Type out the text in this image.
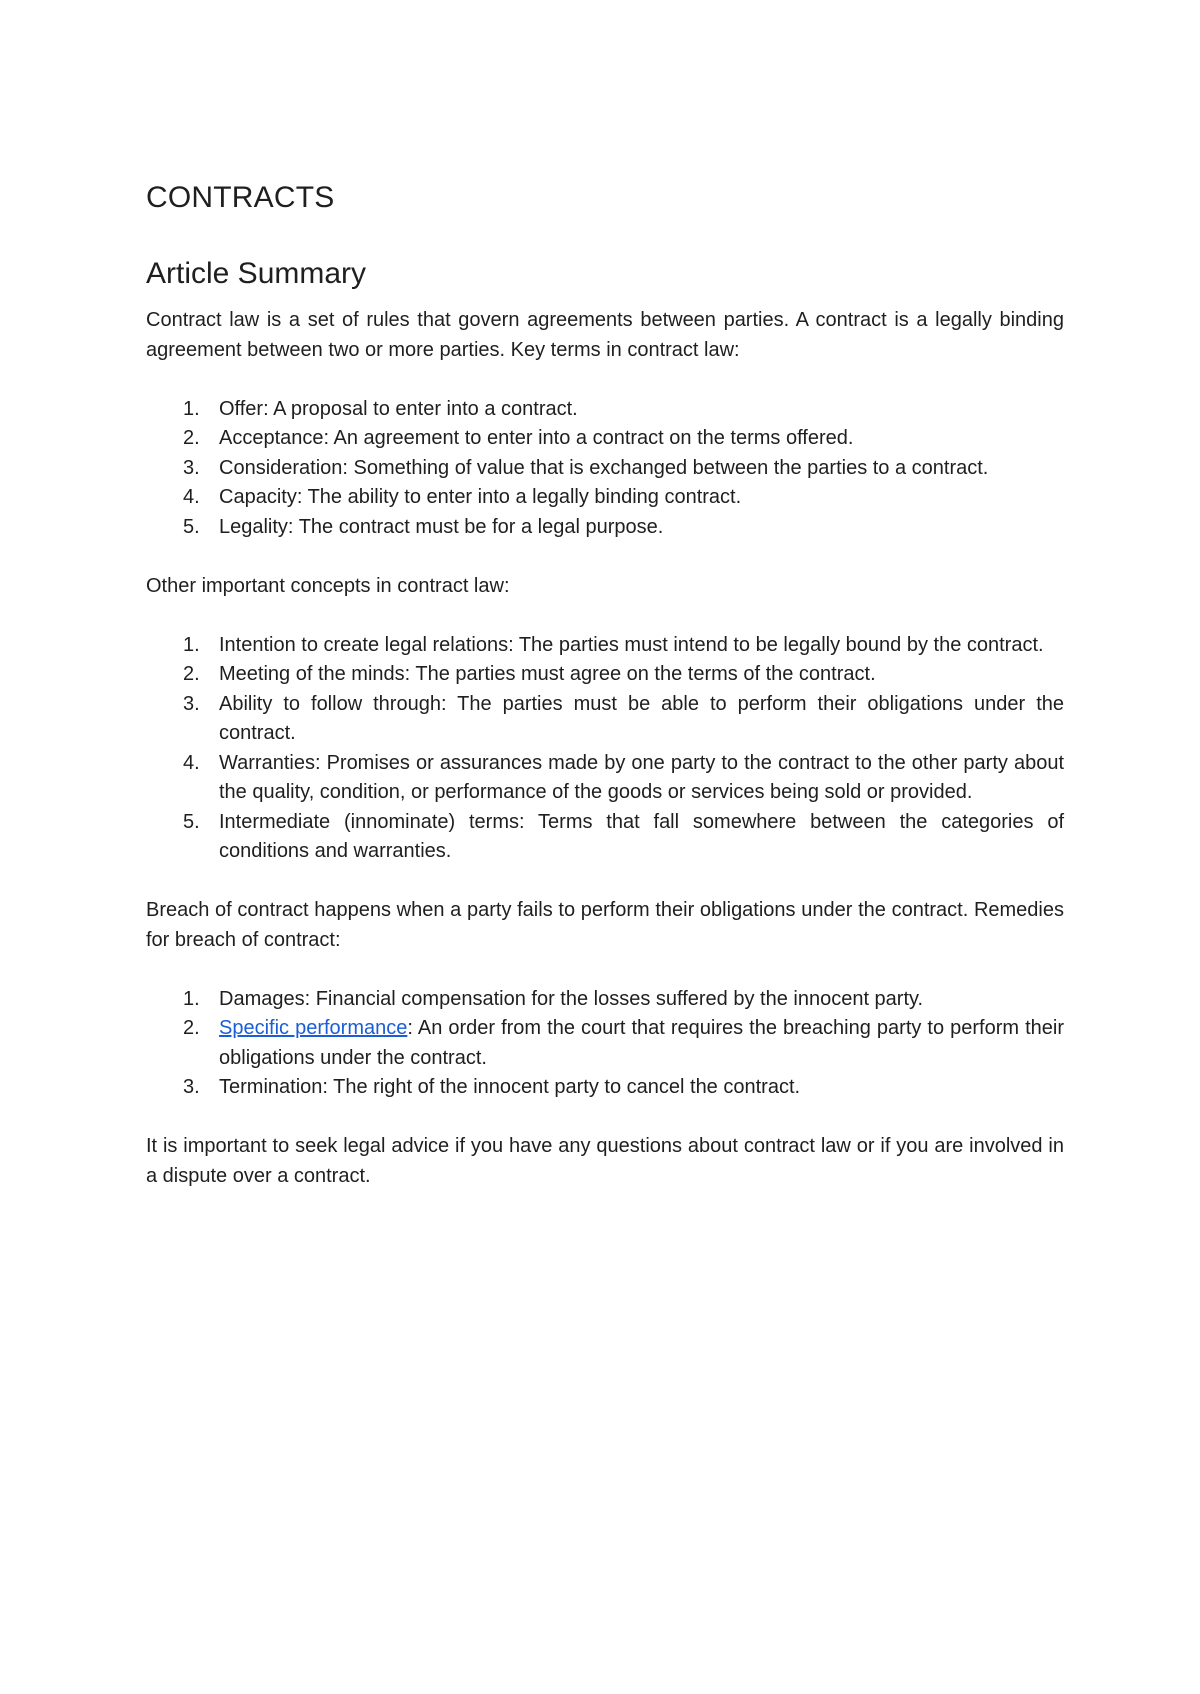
CONTRACTS
Article Summary

Contract law is a set of rules that govern agreements between parties. A contract is a legally binding agreement between two or more parties. Key terms in contract law:

1. Offer: A proposal to enter into a contract.
2. Acceptance: An agreement to enter into a contract on the terms offered.
3. Consideration: Something of value that is exchanged between the parties to a contract.
4. Capacity: The ability to enter into a legally binding contract.
5. Legality: The contract must be for a legal purpose.

Other important concepts in contract law:

1. Intention to create legal relations: The parties must intend to be legally bound by the contract.
2. Meeting of the minds: The parties must agree on the terms of the contract.
3. Ability to follow through: The parties must be able to perform their obligations under the contract.
4. Warranties: Promises or assurances made by one party to the contract to the other party about the quality, condition, or performance of the goods or services being sold or provided.
5. Intermediate (innominate) terms: Terms that fall somewhere between the categories of conditions and warranties.

Breach of contract happens when a party fails to perform their obligations under the contract. Remedies for breach of contract:

1. Damages: Financial compensation for the losses suffered by the innocent party.
2. Specific performance: An order from the court that requires the breaching party to perform their obligations under the contract.
3. Termination: The right of the innocent party to cancel the contract.

It is important to seek legal advice if you have any questions about contract law or if you are involved in a dispute over a contract.
